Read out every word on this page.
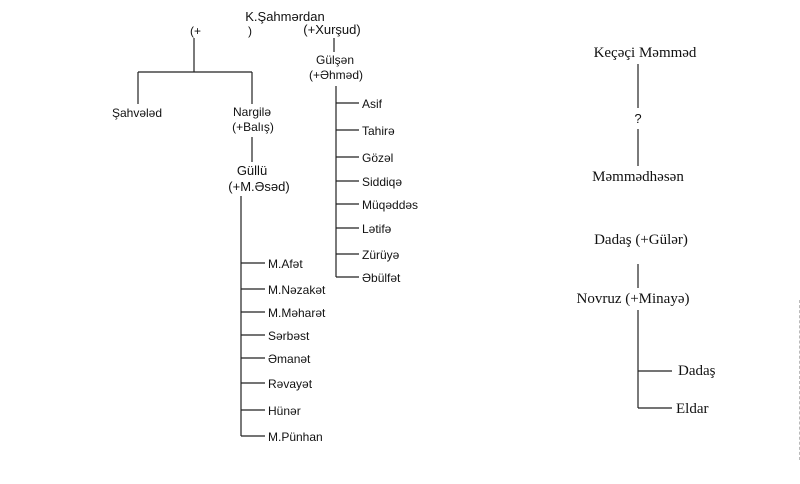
K.Şahmərdan
(+	)	(+Xurşud)
Şahvələd	Nargilə
(+Balış)
Güllü
(+M.Əsəd)
M.Afət
M.Nəzakət
M.Məharət
Sərbəst
Əmanət
Rəvayət
Hünər
M.Pünhan
Gülşən
(+Əhməd)
Asif
Tahirə
Gözəl
Siddiqə
Müqəddəs
Lətifə
Zürüyə
Əbülfət
Keçəçi Məmməd
?
Məmmədhəsən
Dadaş (+Gülər)
Novruz (+Minayə)
Dadaş
Eldar
